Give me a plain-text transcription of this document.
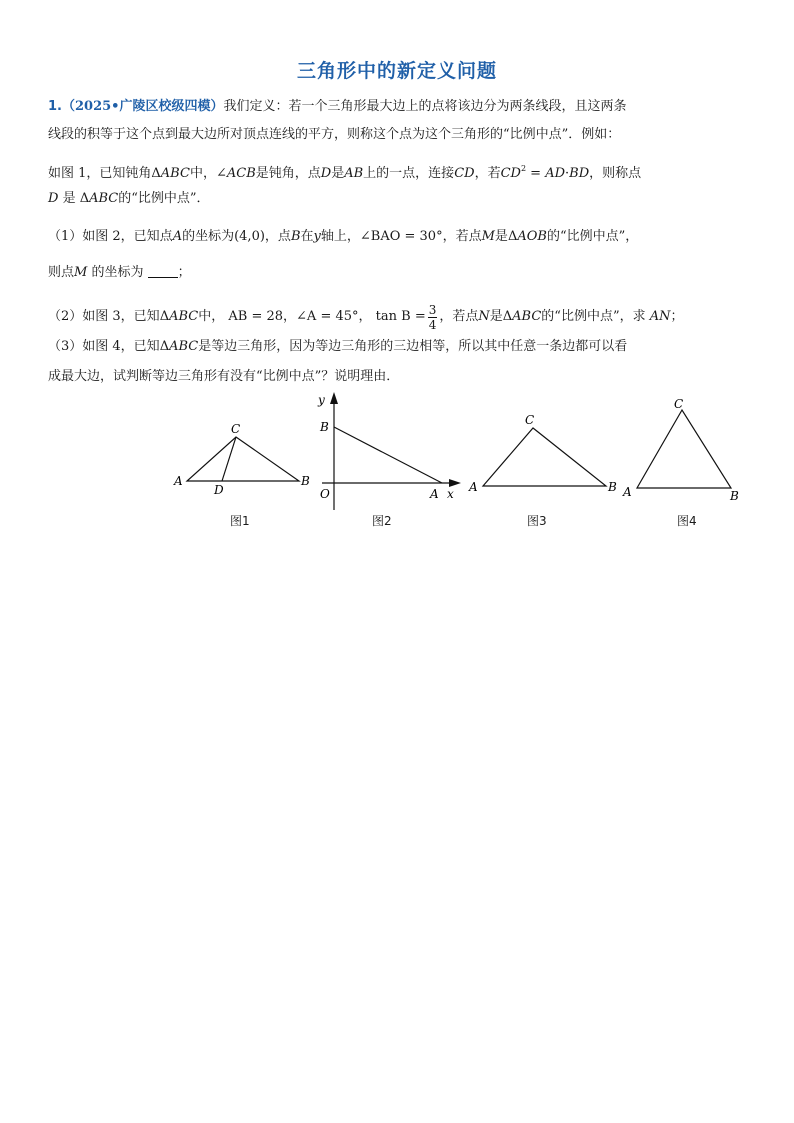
三角形中的新定义问题
1.（2025•广陵区校级四模）我们定义：若一个三角形最大边上的点将该边分为两条线段，且这两条
线段的积等于这个点到最大边所对顶点连线的平方，则称这个点为这个三角形的“比例中点”．例如：
如图 1，已知钝角ΔABC中，∠ACB是钝角，点D是AB上的一点，连接CD，若$CD^2 = AD\cdot BD$，则称点
D 是 ΔABC的“比例中点”．
（1）如图 2，已知点A的坐标为(4,0)，点B在y轴上，∠BAO = 30°，若点M是ΔAOB的“比例中点”，
则点M 的坐标为	；
（2）如图 3，已知 ΔABC 中，
AB = 28 ， ∠A = 45° ， $\tan B = \frac{3}{4}$ ，若点 N 是 ΔABC 的“比例中点”，求
AN ；
（3）如图 4，已知ΔABC是等边三角形，因为等边三角形的三边相等，所以其中任意一条边都可以看
成最大边，试判断等边三角形有没有“比例中点”？说明理由．
A	B
C
D
y
B
O	A x A	B
C
A	B
C
图1	图2	图3	图4
